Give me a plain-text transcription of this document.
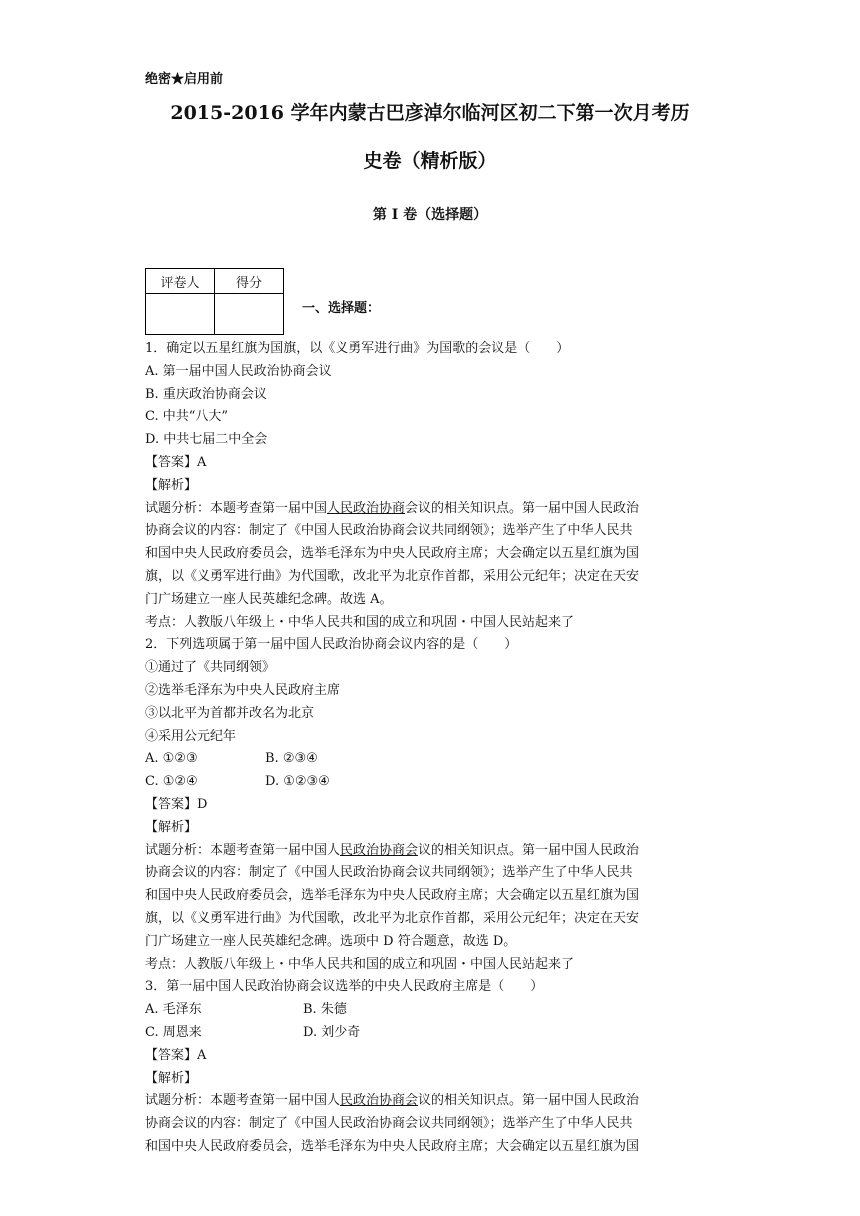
绝密★启用前
2015-2016 学年内蒙古巴彦淖尔临河区初二下第一次月考历
史卷（精析版）
第 I 卷（选择题）
评卷人	得分

一、选择题：
1．确定以五星红旗为国旗，以《义勇军进行曲》为国歌的会议是（　　）
A. 第一届中国人民政治协商会议
B. 重庆政治协商会议
C. 中共“八大”
D. 中共七届二中全会
【答案】A
【解析】
试题分析：本题考查第一届中国人民政治协商会议的相关知识点。第一届中国人民政治
协商会议的内容：制定了《中国人民政治协商会议共同纲领》；选举产生了中华人民共
和国中央人民政府委员会，选举毛泽东为中央人民政府主席；大会确定以五星红旗为国
旗，以《义勇军进行曲》为代国歌，改北平为北京作首都，采用公元纪年；决定在天安
门广场建立一座人民英雄纪念碑。故选 A。
考点：人教版八年级上・中华人民共和国的成立和巩固・中国人民站起来了
2．下列选项属于第一届中国人民政治协商会议内容的是（　　）
①通过了《共同纲领》
②选举毛泽东为中央人民政府主席
③以北平为首都并改名为北京
④采用公元纪年
A. ①②③	B. ②③④
C. ①②④	D. ①②③④
【答案】D
【解析】
试题分析：本题考查第一届中国人民政治协商会议的相关知识点。第一届中国人民政治
协商会议的内容：制定了《中国人民政治协商会议共同纲领》；选举产生了中华人民共
和国中央人民政府委员会，选举毛泽东为中央人民政府主席；大会确定以五星红旗为国
旗，以《义勇军进行曲》为代国歌，改北平为北京作首都，采用公元纪年；决定在天安
门广场建立一座人民英雄纪念碑。选项中 D 符合题意，故选 D。
考点：人教版八年级上・中华人民共和国的成立和巩固・中国人民站起来了
3．第一届中国人民政治协商会议选举的中央人民政府主席是（　　）
A. 毛泽东	B. 朱德
C. 周恩来	D. 刘少奇
【答案】A
【解析】
试题分析：本题考查第一届中国人民政治协商会议的相关知识点。第一届中国人民政治
协商会议的内容：制定了《中国人民政治协商会议共同纲领》；选举产生了中华人民共
和国中央人民政府委员会，选举毛泽东为中央人民政府主席；大会确定以五星红旗为国
